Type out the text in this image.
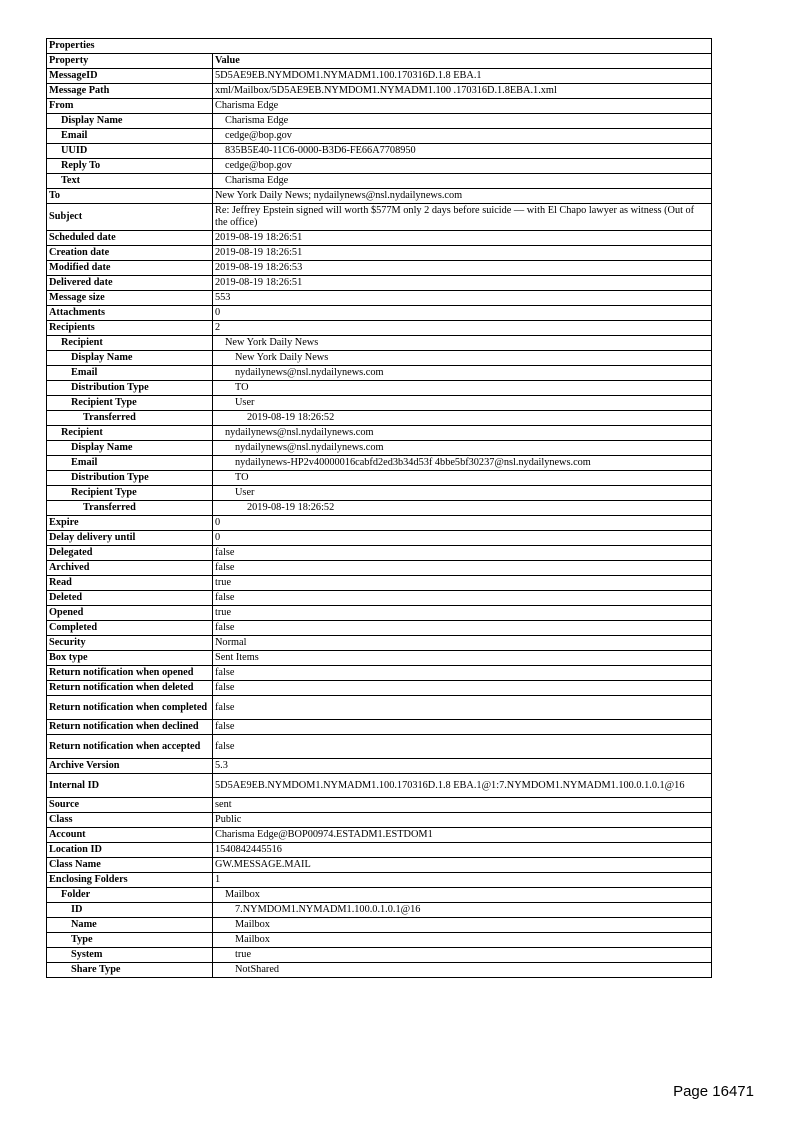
Properties	
Property	Value
MessageID	5D5AE9EB.NYMDOM1.NYMADM1.100.170316D.1.8 EBA.1
Message Path	xml/Mailbox/5D5AE9EB.NYMDOM1.NYMADM1.100 .170316D.1.8EBA.1.xml
From	Charisma Edge
Display Name	Charisma Edge
Email	cedge@bop.gov
UUID	835B5E40-11C6-0000-B3D6-FE66A7708950
Reply To	cedge@bop.gov
Text	Charisma Edge
To	New York Daily News; nydailynews@nsl.nydailynews.com
Subject	Re: Jeffrey Epstein signed will worth $577M only 2 days before suicide — with El Chapo lawyer as witness (Out of the office)
Scheduled date	2019-08-19 18:26:51
Creation date	2019-08-19 18:26:51
Modified date	2019-08-19 18:26:53
Delivered date	2019-08-19 18:26:51
Message size	553
Attachments	0
Recipients	2
Recipient	New York Daily News
Display Name	New York Daily News
Email	nydailynews@nsl.nydailynews.com
Distribution Type	TO
Recipient Type	User
Transferred	2019-08-19 18:26:52
Recipient	nydailynews@nsl.nydailynews.com
Display Name	nydailynews@nsl.nydailynews.com
Email	nydailynews-HP2v40000016cabfd2ed3b34d53f 4bbe5bf30237@nsl.nydailynews.com
Distribution Type	TO
Recipient Type	User
Transferred	2019-08-19 18:26:52
Expire	0
Delay delivery until	0
Delegated	false
Archived	false
Read	true
Deleted	false
Opened	true
Completed	false
Security	Normal
Box type	Sent Items
Return notification when opened	false
Return notification when deleted	false
Return notification when completed	false
Return notification when declined	false
Return notification when accepted	false
Archive Version	5.3
Internal ID	5D5AE9EB.NYMDOM1.NYMADM1.100.170316D.1.8 EBA.1@1:7.NYMDOM1.NYMADM1.100.0.1.0.1@16
Source	sent
Class	Public
Account	Charisma Edge@BOP00974.ESTADM1.ESTDOM1
Location ID	1540842445516
Class Name	GW.MESSAGE.MAIL
Enclosing Folders	1
Folder	Mailbox
ID	7.NYMDOM1.NYMADM1.100.0.1.0.1@16
Name	Mailbox
Type	Mailbox
System	true
Share Type	NotShared
Page 16471
